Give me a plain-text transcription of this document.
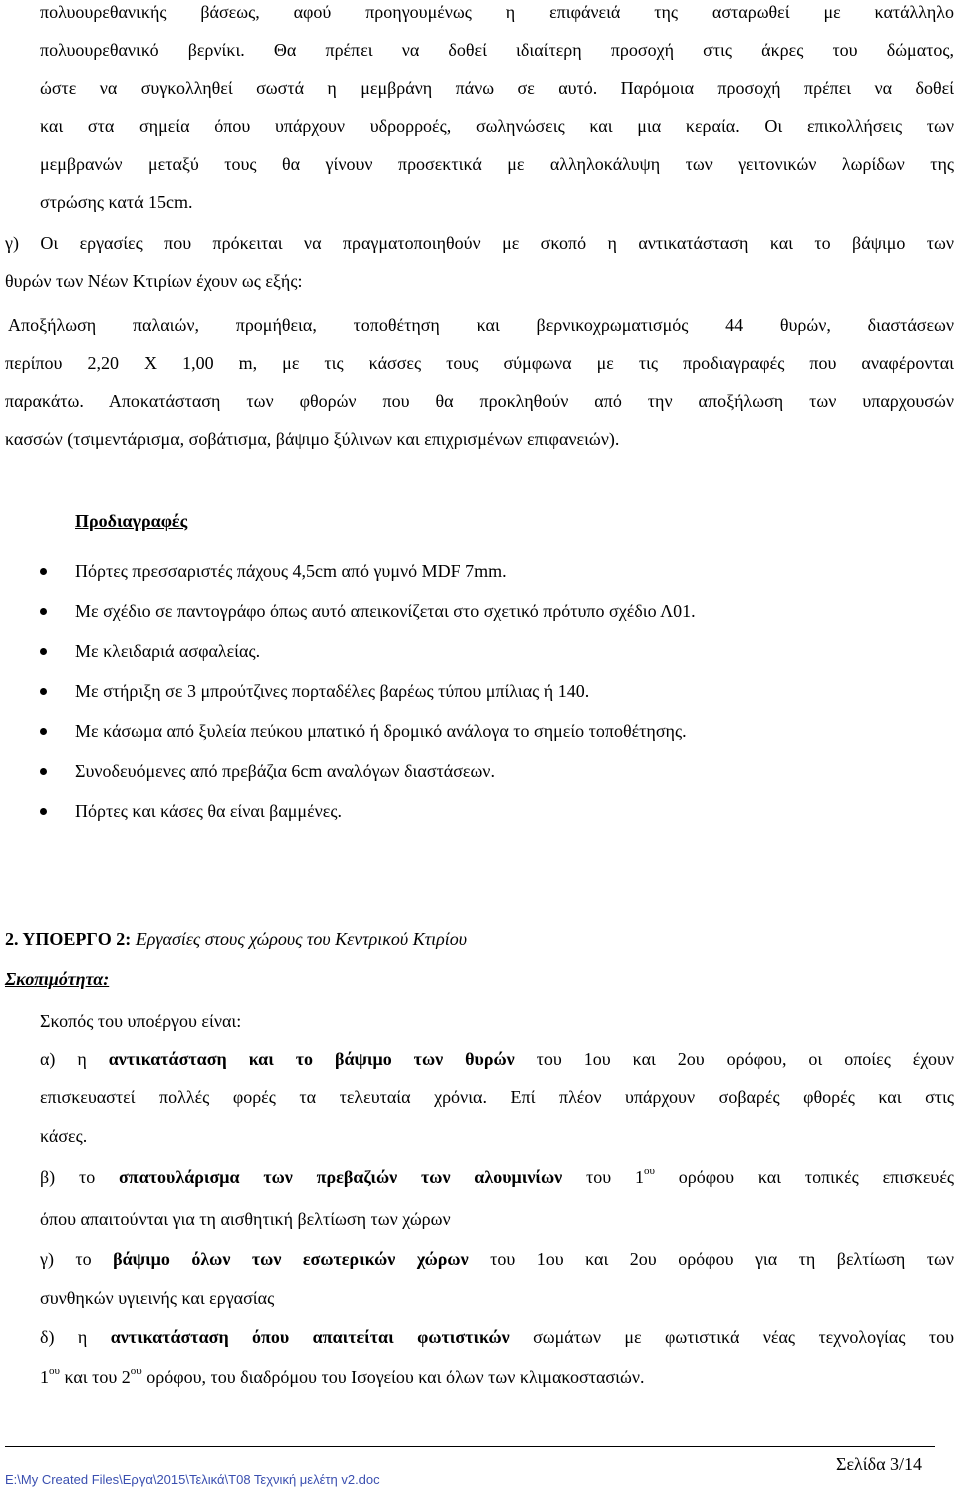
πολυουρεθανικής βάσεως, αφού προηγουμένως η επιφάνειά της ασταρωθεί με κατάλληλο
πολυουρεθανικό βερνίκι. Θα πρέπει να δοθεί ιδιαίτερη προσοχή στις άκρες του δώματος,
ώστε να συγκολληθεί σωστά η μεμβράνη πάνω σε αυτό. Παρόμοια προσοχή πρέπει να δοθεί
και στα σημεία όπου υπάρχουν υδρορροές, σωληνώσεις και μια κεραία. Οι επικολλήσεις των
μεμβρανών μεταξύ τους θα γίνουν προσεκτικά με αλληλοκάλυψη των γειτονικών λωρίδων της
στρώσης κατά 15cm.
γ) Οι εργασίες που πρόκειται να πραγματοποιηθούν με σκοπό η αντικατάσταση και το βάψιμο των
θυρών των Νέων Κτιρίων έχουν ως εξής:
Αποξήλωση παλαιών, προμήθεια, τοποθέτηση και βερνικοχρωματισμός 44 θυρών, διαστάσεων
περίπου 2,20 Χ 1,00 m, με τις κάσσες τους σύμφωνα με τις προδιαγραφές που αναφέρονται
παρακάτω. Αποκατάσταση των φθορών που θα προκληθούν από την αποξήλωση των υπαρχουσών
κασσών (τσιμεντάρισμα, σοβάτισμα, βάψιμο ξύλινων και επιχρισμένων επιφανειών).
Προδιαγραφές
Πόρτες πρεσσαριστές πάχους 4,5cm από γυμνό MDF 7mm.
Με σχέδιο σε παντογράφο όπως αυτό απεικονίζεται στο σχετικό πρότυπο σχέδιο Λ01.
Με κλειδαριά ασφαλείας.
Με στήριξη σε 3 μπρούτζινες πορταδέλες βαρέως τύπου μπίλιας ή 140.
Με κάσωμα από ξυλεία πεύκου μπατικό ή δρομικό ανάλογα το σημείο τοποθέτησης.
Συνοδευόμενες από πρεβάζια 6cm αναλόγων διαστάσεων.
Πόρτες και κάσες θα είναι βαμμένες.
2. ΥΠΟΕΡΓΟ 2: Εργασίες στους χώρους του Κεντρικού Κτιρίου
Σκοπιμότητα:
Σκοπός του υποέργου είναι:
α) η αντικατάσταση και το βάψιμο των θυρών του 1ου και 2ου ορόφου, οι οποίες έχουν
επισκευαστεί πολλές φορές τα τελευταία χρόνια. Επί πλέον υπάρχουν σοβαρές φθορές και στις
κάσες.
β) το σπατουλάρισμα των πρεβαζιών των αλουμινίων του $1^{o\upsilon}$ ορόφου και τοπικές επισκευές
όπου απαιτούνται για τη αισθητική βελτίωση των χώρων
γ) το βάψιμο όλων των εσωτερικών χώρων του 1ου και 2ου ορόφου για τη βελτίωση των
συνθηκών υγιεινής και εργασίας
δ) η αντικατάσταση όπου απαιτείται φωτιστικών σωμάτων με φωτιστικά νέας τεχνολογίας του
$1^{o\upsilon}$ και του $2^{o\upsilon}$ ορόφου, του διαδρόμου του Ισογείου και όλων των κλιμακοστασιών.
Σελίδα 3/14
E:\My Created Files\Εργα\2015\Τελικά\Τ08 Τεχνική μελέτη v2.doc
